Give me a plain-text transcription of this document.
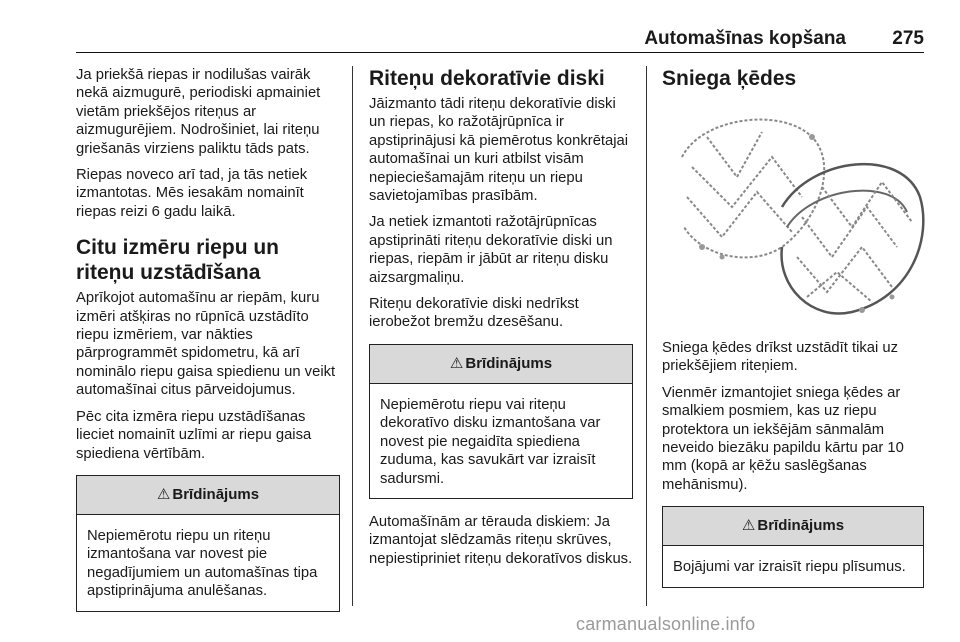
Automašīnas kopšana 275

Ja priekšā riepas ir nodilušas vairāk nekā aizmugurē, periodiski apmainiet vietām priekšējos riteņus ar aizmugurējiem. Nodrošiniet, lai riteņu griešanās virziens paliktu tāds pats.

Riepas noveco arī tad, ja tās netiek izmantotas. Mēs iesakām nomainīt riepas reizi 6 gadu laikā.

Citu izmēru riepu un riteņu uzstādīšana

Aprīkojot automašīnu ar riepām, kuru izmēri atšķiras no rūpnīcā uzstādīto riepu izmēriem, var nākties pārprogrammēt spidometru, kā arī nominālo riepu gaisa spiedienu un veikt automašīnai citus pārveidojumus.

Pēc cita izmēra riepu uzstādīšanas lieciet nomainīt uzlīmi ar riepu gaisa spiediena vērtībām.

⚠ Brīdinājums
Nepiemērotu riepu un riteņu izmantošana var novest pie negadījumiem un automašīnas tipa apstiprinājuma anulēšanas.
Riteņu dekoratīvie diski

Jāizmanto tādi riteņu dekoratīvie diski un riepas, ko ražotājrūpnīca ir apstiprinājusi kā piemērotus konkrētajai automašīnai un kuri atbilst visām nepieciešamajām riteņu un riepu savietojamības prasībām.

Ja netiek izmantoti ražotājrūpnīcas apstiprināti riteņu dekoratīvie diski un riepas, riepām ir jābūt ar riteņu disku aizsargmaliņu.

Riteņu dekoratīvie diski nedrīkst ierobežot bremžu dzesēšanu.

⚠ Brīdinājums
Nepiemērotu riepu vai riteņu dekoratīvo disku izmantošana var novest pie negaidīta spiediena zuduma, kas savukārt var izraisīt sadursmi.

Automašīnām ar tērauda diskiem: Ja izmantojat slēdzamās riteņu skrūves, nepiestipriniet riteņu dekoratīvos diskus.

Sniega ķēdes

Sniega ķēdes drīkst uzstādīt tikai uz priekšējiem riteņiem.

Vienmēr izmantojiet sniega ķēdes ar smalkiem posmiem, kas uz riepu protektora un iekšējām sānmalām neveido biezāku papildu kārtu par 10 mm (kopā ar ķēžu saslēgšanas mehānismu).

⚠ Brīdinājums
Bojājumi var izraisīt riepu plīsumus.
carmanualsonline.info
